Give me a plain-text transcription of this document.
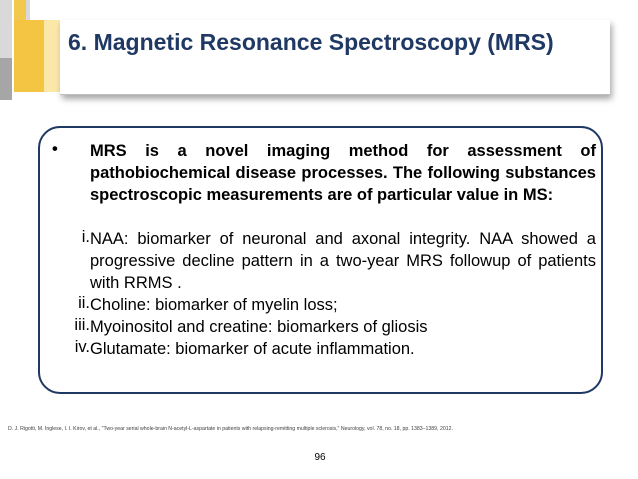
6. Magnetic Resonance Spectroscopy (MRS)
•	MRS is a novel imaging method for assessment of pathobiochemical disease processes. The following substances spectroscopic measurements are of particular value in MS:
i. NAA: biomarker of neuronal and axonal integrity. NAA showed a progressive decline pattern in a two-year MRS followup of patients with RRMS .
ii. Choline: biomarker of myelin loss;
iii. Myoinositol and creatine: biomarkers of gliosis
iv. Glutamate: biomarker of acute inflammation.
D. J. Rigotti, M. Inglese, I. I. Kirov, et al., "Two-year serial whole-brain N-acetyl-L-aspartate in patients with relapsing-remitting multiple sclerosis," Neurology, vol. 78, no. 18, pp. 1383–1389, 2012.
96
